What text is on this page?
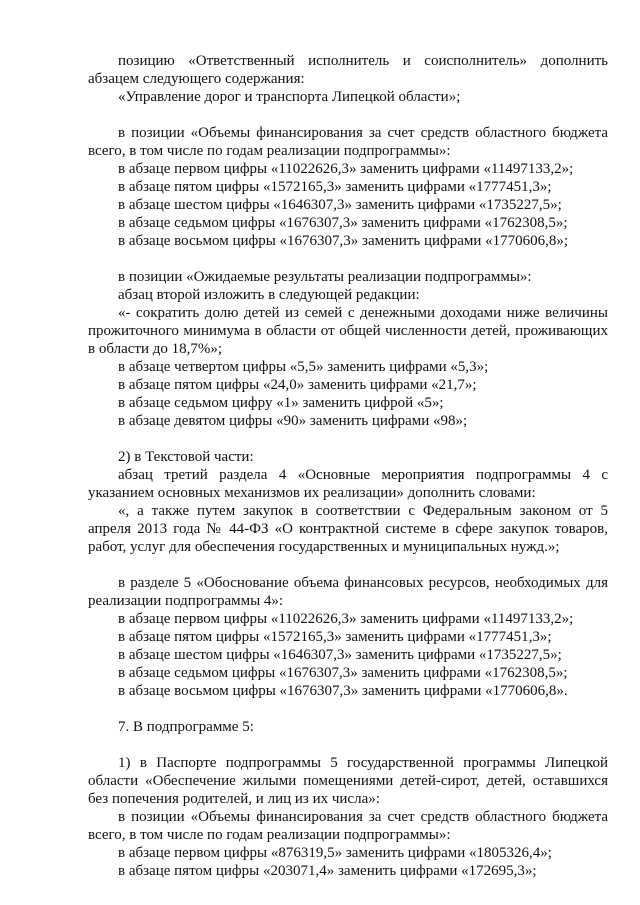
позицию «Ответственный исполнитель и соисполнитель» дополнить

абзацем следующего содержания:

«Управление дорог и транспорта Липецкой области»;

в позиции «Объемы финансирования за счет средств областного бюджета всего, в том числе по годам реализации подпрограммы»:

в абзаце первом цифры «11022626,3» заменить цифрами «11497133,2»;

в абзаце пятом цифры «1572165,3» заменить цифрами «1777451,3»;

в абзаце шестом цифры «1646307,3» заменить цифрами «1735227,5»;

в абзаце седьмом цифры «1676307,3» заменить цифрами «1762308,5»;

в абзаце восьмом цифры «1676307,3» заменить цифрами «1770606,8»;

в позиции «Ожидаемые результаты реализации подпрограммы»:

абзац второй изложить в следующей редакции:

«- сократить долю детей из семей с денежными доходами ниже величины прожиточного минимума в области от общей численности детей, проживающих в области до 18,7%»;

в абзаце четвертом цифры «5,5» заменить цифрами «5,3»;

в абзаце пятом цифры «24,0» заменить цифрами «21,7»;

в абзаце седьмом цифру «1» заменить цифрой «5»;

в абзаце девятом цифры «90» заменить цифрами «98»;

2) в Текстовой части:

абзац третий раздела 4 «Основные мероприятия подпрограммы 4 с указанием основных механизмов их реализации» дополнить словами:

«, а также путем закупок в соответствии с Федеральным законом от 5 апреля 2013 года № 44-ФЗ «О контрактной системе в сфере закупок товаров, работ, услуг для обеспечения государственных и муниципальных нужд.»;

в разделе 5 «Обоснование объема финансовых ресурсов, необходимых для реализации подпрограммы 4»:

в абзаце первом цифры «11022626,3» заменить цифрами «11497133,2»;

в абзаце пятом цифры «1572165,3» заменить цифрами «1777451,3»;

в абзаце шестом цифры «1646307,3» заменить цифрами «1735227,5»;

в абзаце седьмом цифры «1676307,3» заменить цифрами «1762308,5»;

в абзаце восьмом цифры «1676307,3» заменить цифрами «1770606,8».

7. В подпрограмме 5:

1) в Паспорте подпрограммы 5 государственной программы Липецкой области «Обеспечение жилыми помещениями детей-сирот, детей, оставшихся без попечения родителей, и лиц из их числа»:

в позиции «Объемы финансирования за счет средств областного бюджета всего, в том числе по годам реализации подпрограммы»:

в абзаце первом цифры «876319,5» заменить цифрами «1805326,4»;

в абзаце пятом цифры «203071,4» заменить цифрами «172695,3»;
